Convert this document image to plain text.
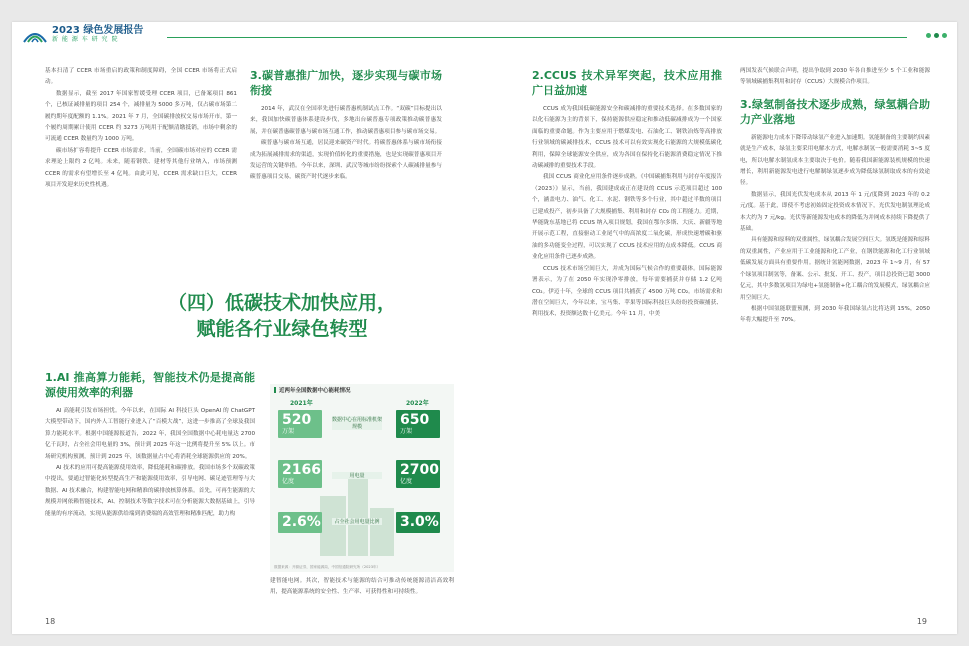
2023 绿色发展报告
新 能 源 车 研 究 院

基本扫清了 CCER 市场重启的政策和制度障碍，全国 CCER 市场将正式启动。

数据显示，截至 2017 年国家暂缓受理 CCER 项目，已备案项目 861 个，已核证减排量的项目 254 个，减排量为 5000 多万吨，仅占碳市场第二履约期年度配额的 1.1%。2021 年 7 月，全国碳排放权交易市场开市，第一个履约周期累计使用 CCER 约 3273 万吨用于配额清缴抵销，市场中剩余的可流通 CCER 数量约为 1000 万吨。

碳市场扩容将提升 CCER 市场需求。当前，全国碳市场对应的 CCER 需求理论上限约 2 亿吨。未来，随着钢铁、建材等其他行业纳入，市场预测 CCER 的需求有望增长至 4 亿吨。由此可见，CCER 需求缺口巨大，CCER 项目开发迎来历史性机遇。

3.碳普惠推广加快，逐步实现与碳市场衔接

2014 年，武汉在全国率先进行碳普惠机制试点工作。“双碳”目标提出以来，我国加快碳普惠体系建设步伐，多地出台碳普惠专项政策推动碳普惠发展，并在碳普惠碳普惠与碳市场互通工作，推动碳普惠项目参与碳市场交易。

碳普惠与碳市场互通，居民迎来碳资产时代。将碳普惠体系与碳市场衔接成为拓展减排需求的渠道，实现价值转化的重要措施，也是实现碳普惠项目开发运营的关键举措。今年以来，深圳、武汉等城市纷纷探索个人碳减排量参与碳普惠项目交易，碳资产时代逐步来临。

（四）低碳技术加快应用，
赋能各行业绿色转型
1.AI 推高算力能耗，智能技术仍是提高能源使用效率的利器

AI 高能耗引发市场担忧。今年以来，在国际 AI 科技巨头 OpenAI 的 ChatGPT 大模型带动下，国内外人工智能行业进入了“百模大战”，这进一步推高了全球及我国算力能耗水平。根据中国能源报道告，2022 年，我国全国数据中心耗电量达 2700 亿千瓦时，占全社会用电量的 3%，预计到 2025 年这一比例将提升至 5% 以上。市场研究机构预测，预计到 2025 年，该数据量占中心将消耗全球能源供应的 20%。

AI 技术的应用可提高能源使用效率，降低能耗和碳排放。我国市场多个双碳政策中提出，要通过智能化转型提高生产和能源使用效率，引导电网、碳足迹管理等与大数据、AI 技术融合，构建智能电网和精准的碳排放核算体系。首先，可再生能源的大规模并网依赖智能技术，AI、控制技术等数字技术可在分析能源大数据基础上，引导能量的有序流动，实现从能源供给端到消费端的高效管理和精准匹配，助力构

近两年全国数据中心能耗情况
2021年	2022年
520
万架
数据中心在用标准机架规模	650
万架
2166
亿度
用电量	2700
亿度
2.6%	占全社会用电量比例 3.0%
数据来源：开源证券，国家能源局，中国信通院研究所（2023年）

建智能电网。其次，智能技术与能源的结合可推动传统能源清洁高效利用，提高能源系统的安全性、生产率、可获得性和可持续性。

2.CCUS 技术异军突起，技术应用推广日益加速

CCUS 成为我国低碳能源安全和碳减排的重要技术选择。在多数国家的以化石能源为主的背景下，保持能源供应稳定和推动低碳减排成为一个国家面临的重要命题。作为主要应用于燃煤发电、石油化工、钢铁冶炼等高排放行业领域的碳减排技术，CCUS 技术可以有效实现化石能源的大规模低碳化利用，保障全球能源安全供应，成为各国在保持化石能源消费稳定情况下推动碳减排的重要技术手段。

我国 CCUS 商业化应用条件逐步成熟。《中国碳捕集利用与封存年度报告（2023）》显示，当前，我国建成或正在建设的 CCUS 示范项目超过 100 个，涵盖电力、油气、化工、水泥、钢铁等多个行业，其中超过半数的项目已建成投产，初步具备了大规模捕集、利用和封存 CO₂ 的工程能力。近期，华能陇东基地已将 CCUS 纳入项目规划，我国在鄂尔多斯、大庆、新疆等地开展示范工程，直接驱动工业尾气中的高浓度二氧化碳，形成快速增碳和驱油的多功能变全过程，可以实现了 CCUS 技术应用的点成本降低。CCUS 商业化应用条件已逐步成熟。

CCUS 技术市场空间巨大，并成为国际气候合作的重要载体。国际能源署表示，为了在 2050 年实现净零排放，每年需要捕获并存储 1.2 亿吨 CO₂。伊迈十年，全球的 CCUS 项目共捕获了 4500 万吨 CO₂。市场需求和潜在空间巨大，今年以来，宝马集、苹果等国际科技巨头纷纷投资碳捕获、利用技术，投资额达数十亿美元。今年 11 月，中美

两国发表气候联合声明，提出争取到 2030 年各自推进至少 5 个工业和能源等领域碳捕集利用和封存（CCUS）大规模合作项目。

3.绿氢制备技术逐步成熟，绿氢耦合助力产业落地

新能源电力成本下降带动绿氢产业进入加速期。氢能制备的主要制约因素就是生产成本，绿氢主要采用电解水方式，电解水制氢一般需要消耗 3~5 度电，所以电解水制氢成本主要取决于电价。随着我国新能源装机规模的快速增长，利用新能源发电进行电解制绿氢逐步成为降低绿氢制取成本的有效途径。

数据显示，我国光伏发电成本从 2013 年 1 元/度降到 2023 年的 0.2 元/度。基于此，即使不考虑初始固定投资成本情况下，光伏发电制氢理论成本大约为 7 元/kg。光伏等新能源发电成本的降低为并网成本持续下降提供了基础。

具有能源和原料的双重属性，绿氢耦合发展空间巨大。氢既是能源和原料的双重属性，产业应用于工业能源和化工产业，在钢铁能源和化工行业领域低碳发展方面具有重要作用。据统计氢能网数据，2023 年 1~9 月，有 57 个绿氢项目制氢等，备案、公示、批复、开工、投产，项目总投资已超 3000 亿元，其中多数氢项目为绿电+氢能制备+化工耦合的发展模式，绿氢耦合应用空间巨大。

根据中国氢能联盟预测，到 2030 年我国绿氢占比将达到 15%，2050 年将大幅提升至 70%。

18	19
